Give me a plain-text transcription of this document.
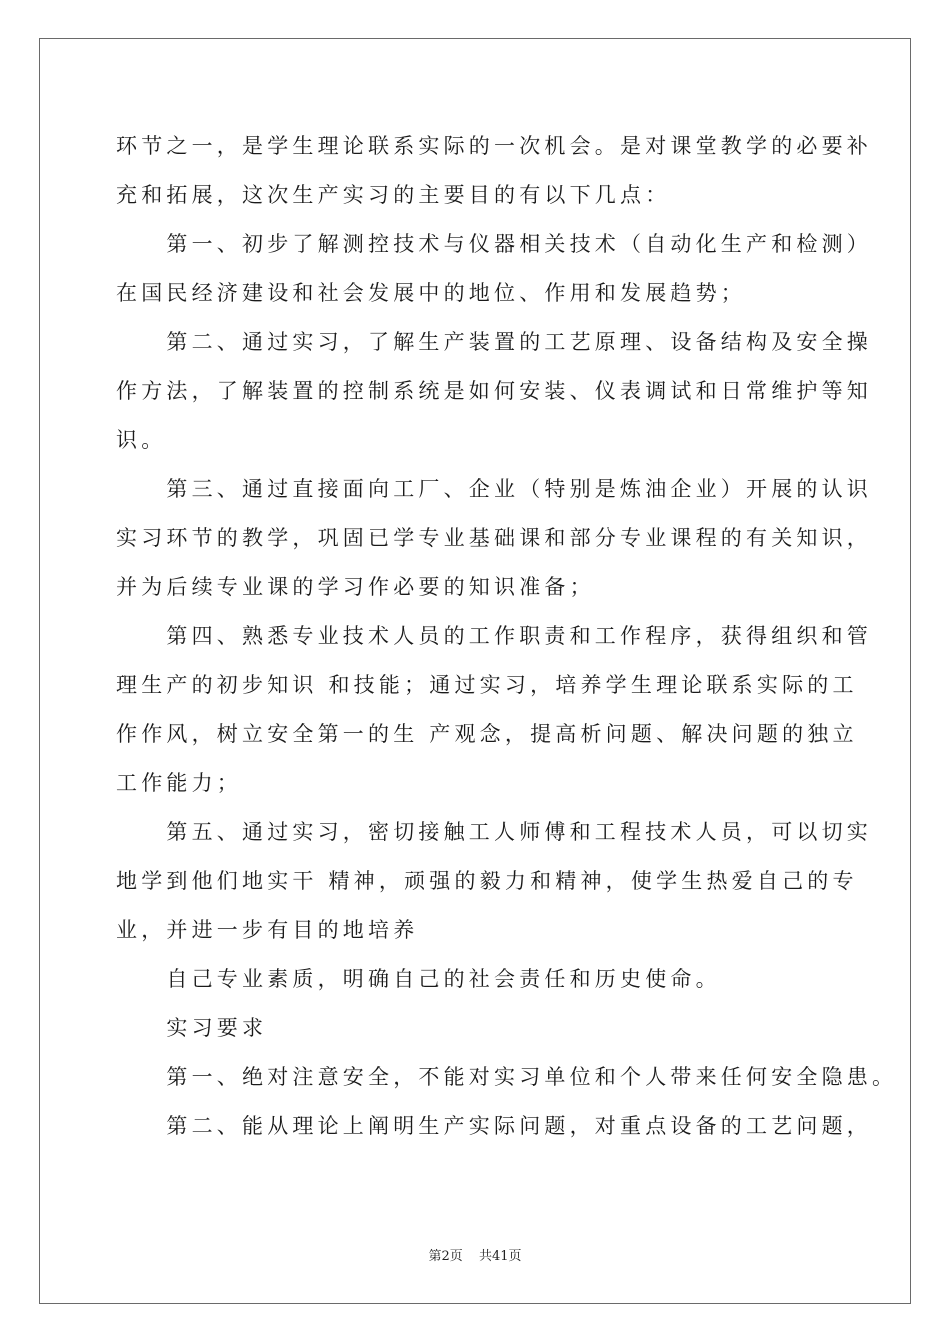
环节之一，是学生理论联系实际的一次机会。是对课堂教学的必要补
充和拓展，这次生产实习的主要目的有以下几点：
　　第一、初步了解测控技术与仪器相关技术（自动化生产和检测）
在国民经济建设和社会发展中的地位、作用和发展趋势；
　　第二、通过实习，了解生产装置的工艺原理、设备结构及安全操
作方法，了解装置的控制系统是如何安装、仪表调试和日常维护等知
识。
　　第三、通过直接面向工厂、企业（特别是炼油企业）开展的认识
实习环节的教学，巩固已学专业基础课和部分专业课程的有关知识，
并为后续专业课的学习作必要的知识准备；
　　第四、熟悉专业技术人员的工作职责和工作程序，获得组织和管
理生产的初步知识 和技能；通过实习，培养学生理论联系实际的工
作作风，树立安全第一的生 产观念，提高析问题、解决问题的独立
工作能力；
　　第五、通过实习，密切接触工人师傅和工程技术人员，可以切实
地学到他们地实干 精神，顽强的毅力和精神，使学生热爱自己的专
业，并进一步有目的地培养
　　自己专业素质，明确自己的社会责任和历史使命。
　　实习要求
　　第一、绝对注意安全，不能对实习单位和个人带来任何安全隐患。
　　第二、能从理论上阐明生产实际问题，对重点设备的工艺问题，
第2页 共41页
